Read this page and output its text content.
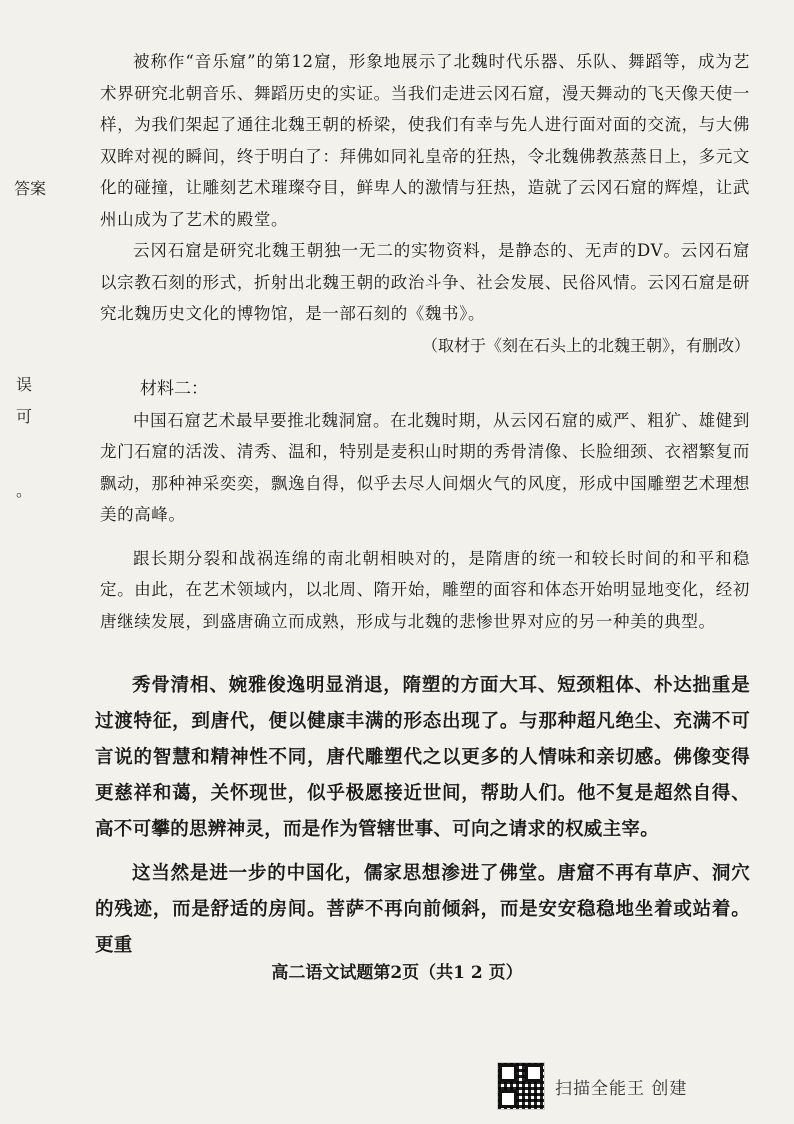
答案
误
可
。

被称作“音乐窟”的第12窟，形象地展示了北魏时代乐器、乐队、舞蹈等，成为艺术界研究北朝音乐、舞蹈历史的实证。当我们走进云冈石窟，漫天舞动的飞天像天使一样，为我们架起了通往北魏王朝的桥梁，使我们有幸与先人进行面对面的交流，与大佛双眸对视的瞬间，终于明白了：拜佛如同礼皇帝的狂热，令北魏佛教蒸蒸日上，多元文化的碰撞，让雕刻艺术璀璨夺目，鲜卑人的激情与狂热，造就了云冈石窟的辉煌，让武州山成为了艺术的殿堂。

云冈石窟是研究北魏王朝独一无二的实物资料，是静态的、无声的DV。云冈石窟以宗教石刻的形式，折射出北魏王朝的政治斗争、社会发展、民俗风情。云冈石窟是研究北魏历史文化的博物馆，是一部石刻的《魏书》。

（取材于《刻在石头上的北魏王朝》，有删改）

材料二：

中国石窟艺术最早要推北魏洞窟。在北魏时期，从云冈石窟的威严、粗犷、雄健到龙门石窟的活泼、清秀、温和，特别是麦积山时期的秀骨清像、长脸细颈、衣褶繁复而飘动，那种神采奕奕，飘逸自得，似乎去尽人间烟火气的风度，形成中国雕塑艺术理想美的高峰。

跟长期分裂和战祸连绵的南北朝相映对的，是隋唐的统一和较长时间的和平和稳定。由此，在艺术领域内，以北周、隋开始，雕塑的面容和体态开始明显地变化，经初唐继续发展，到盛唐确立而成熟，形成与北魏的悲惨世界对应的另一种美的典型。

秀骨清相、婉雅俊逸明显消退，隋塑的方面大耳、短颈粗体、朴达拙重是过渡特征，到唐代，便以健康丰满的形态出现了。与那种超凡绝尘、充满不可言说的智慧和精神性不同，唐代雕塑代之以更多的人情味和亲切感。佛像变得更慈祥和蔼，关怀现世，似乎极愿接近世间，帮助人们。他不复是超然自得、高不可攀的思辨神灵，而是作为管辖世事、可向之请求的权威主宰。

这当然是进一步的中国化，儒家思想渗进了佛堂。唐窟不再有草庐、洞穴的残迹，而是舒适的房间。菩萨不再向前倾斜，而是安安稳稳地坐着或站着。更重

高二语文试题第2页（共1 2 页）
扫描全能王 创建
